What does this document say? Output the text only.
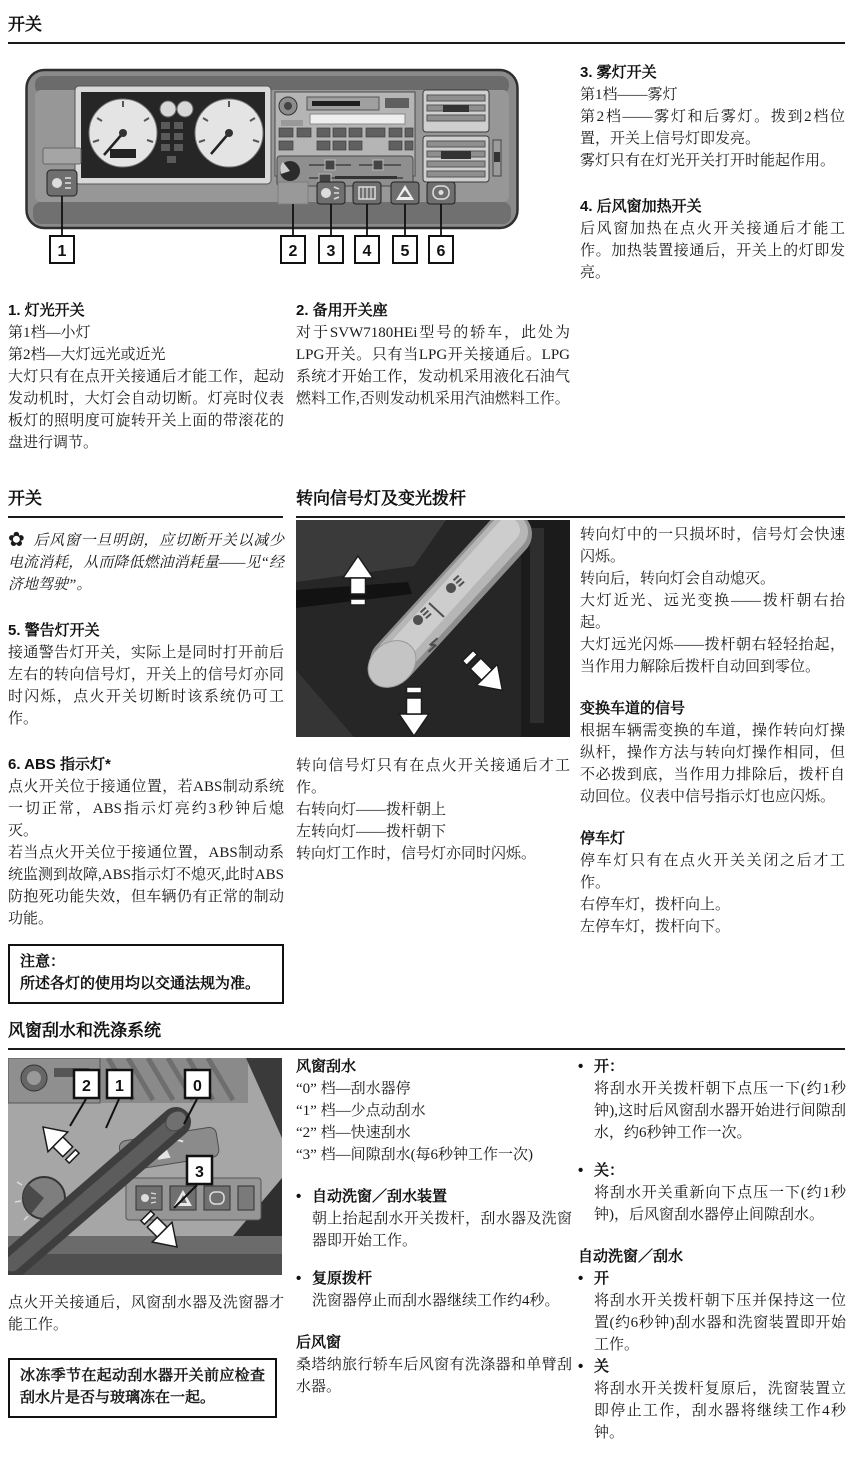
开关
1	2 3 4 5 6

3. 雾灯开关

第1档——雾灯

第2档——雾灯和后雾灯。拨到2档位置，开关上信号灯即发亮。

雾灯只有在灯光开关打开时能起作用。

4. 后风窗加热开关

后风窗加热在点火开关接通后才能工作。加热装置接通后，开关上的灯即发亮。

1. 灯光开关

第1档—小灯

第2档—大灯远光或近光

大灯只有在点开关接通后才能工作，起动发动机时，大灯会自动切断。灯亮时仪表板灯的照明度可旋转开关上面的带滚花的盘进行调节。

2. 备用开关座

对于SVW7180HEi型号的轿车，此处为LPG开关。只有当LPG开关接通后。LPG系统才开始工作，发动机采用液化石油气燃料工作,否则发动机采用汽油燃料工作。

开关	转向信号灯及变光拨杆

✿ 后风窗一旦明朗，应切断开关以减少电流消耗，从而降低燃油消耗量——见“经济地驾驶”。

5. 警告灯开关

接通警告灯开关，实际上是同时打开前后左右的转向信号灯，开关上的信号灯亦同时闪烁，点火开关切断时该系统仍可工作。

6. ABS 指示灯*

点火开关位于接通位置，若ABS制动系统一切正常，ABS指示灯亮约3秒钟后熄灭。

若当点火开关位于接通位置，ABS制动系统监测到故障,ABS指示灯不熄灭,此时ABS防抱死功能失效，但车辆仍有正常的制动功能。

注意：

所述各灯的使用均以交通法规为准。

转向信号灯只有在点火开关接通后才工作。

右转向灯——拨杆朝上

左转向灯——拨杆朝下

转向灯工作时，信号灯亦同时闪烁。

转向灯中的一只损坏时，信号灯会快速闪烁。

转向后，转向灯会自动熄灭。

大灯近光、远光变换——拨杆朝右抬起。

大灯远光闪烁——拨杆朝右轻轻抬起，当作用力解除后拨杆自动回到零位。

变换车道的信号

根据车辆需变换的车道，操作转向灯操纵杆，操作方法与转向灯操作相同，但不必拨到底，当作用力排除后，拨杆自动回位。仪表中信号指示灯也应闪烁。

停车灯

停车灯只有在点火开关关闭之后才工作。

右停车灯，拨杆向上。

左停车灯，拨杆向下。

风窗刮水和洗涤系统
2 1	0
3

点火开关接通后，风窗刮水器及洗窗器才能工作。

冰冻季节在起动刮水器开关前应检查刮水片是否与玻璃冻在一起。

风窗刮水

“0” 档—刮水器停

“1” 档—少点动刮水

“2” 档—快速刮水

“3” 档—间隙刮水(每6秒钟工作一次)

• 自动洗窗／刮水装置

朝上抬起刮水开关拨杆，刮水器及洗窗器即开始工作。

• 复原拨杆

洗窗器停止而刮水器继续工作约4秒。

后风窗

桑塔纳旅行轿车后风窗有洗涤器和单臂刮水器。

• 开：

将刮水开关拨杆朝下点压一下(约1秒钟),这时后风窗刮水器开始进行间隙刮水，约6秒钟工作一次。

• 关：

将刮水开关重新向下点压一下(约1秒钟)，后风窗刮水器停止间隙刮水。

自动洗窗／刮水

• 开

将刮水开关拨杆朝下压并保持这一位置(约6秒钟)刮水器和洗窗装置即开始工作。

• 关

将刮水开关拨杆复原后，洗窗装置立即停止工作，刮水器将继续工作4秒钟。
